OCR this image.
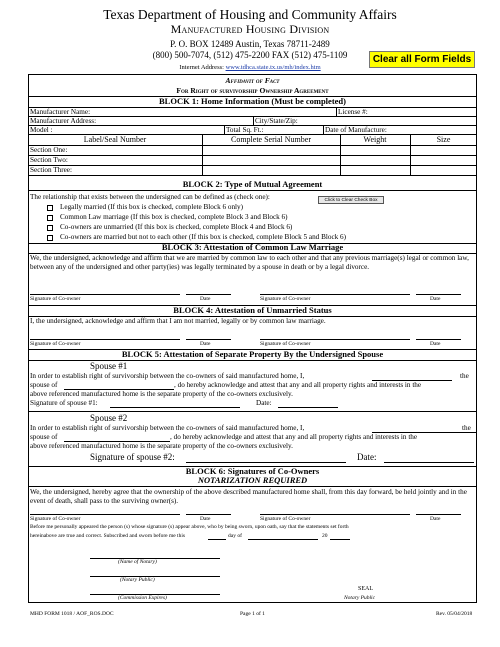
Texas Department of Housing and Community Affairs
Manufactured Housing Division
P. O. BOX 12489 Austin, Texas 78711-2489
(800) 500-7074, (512) 475-2200 FAX (512) 475-1109
Internet Address: www.tdhca.state.tx.us/mh/index.htm
Clear all Form Fields
Affidavit of Fact
For Right of survivorship Ownership Agreement
BLOCK 1: Home Information (Must be completed)
Manufacturer Name:	License #:
Manufacturer Address:	City/State/Zip:
Model :	Total Sq. Ft.:	Date of Manufacture:
Label/Seal Number	Complete Serial Number	Weight	Size
Section One:
Section Two:
Section Three:
BLOCK 2: Type of Mutual Agreement
The relationship that exists between the undersigned can be defined as (check one):	Click to Clear Check Box
Legally married (If this box is checked, complete Block 6 only)
Common Law marriage (If this box is checked, complete Block 3 and Block 6)
Co-owners are unmarried (If this box is checked, complete Block 4 and Block 6)
Co-owners are married but not to each other (If this box is checked, complete Block 5 and Block 6)
BLOCK 3: Attestation of Common Law Marriage
We, the undersigned, acknowledge and affirm that we are married by common law to each other and that any previous marriage(s) legal or common law, between any of the undersigned and other party(ies) was legally terminated by a spouse in death or by a legal divorce.
Signature of Co-owner	Date	Signature of Co-owner	Date
BLOCK 4: Attestation of Unmarried Status
I, the undersigned, acknowledge and affirm that I am not married, legally or by common law marriage.
Signature of Co-owner	Date	Signature of Co-owner	Date
BLOCK 5: Attestation of Separate Property By the Undersigned Spouse
Spouse #1
In order to establish right of survivorship between the co-owners of said manufactured home, I,	the
spouse of	, do hereby acknowledge and attest that any and all property rights and interests in the
above referenced manufactured home is the separate property of the co-owners exclusively.
Signature of spouse #1:	Date:
Spouse #2
In order to establish right of survivorship between the co-owners of said manufactured home, I,	the
spouse of	, do hereby acknowledge and attest that any and all property rights and interests in the
above referenced manufactured home is the separate property of the co-owners exclusively.
Signature of spouse #2:	Date:
BLOCK 6: Signatures of Co-Owners
NOTARIZATION REQUIRED
We, the undersigned, hereby agree that the ownership of the above described manufactured home shall, from this day forward, be held jointly and in the event of death, shall pass to the surviving owner(s).
Signature of Co-owner	Date	Signature of Co-owner	Date
Before me personally appeared the person (s) whose signature (s) appear above, who by being sworn, upon oath, say that the statements set forth
hereinabove are true and correct. Subscribed and sworn before me this	day of	20
(Name of Notary)
(Notary Public)
(Commission Expires)
SEAL
Notary Public
MHD FORM 1018 / AOF_ROS.DOC	Page 1 of 1	Rev. 05/04/2018
